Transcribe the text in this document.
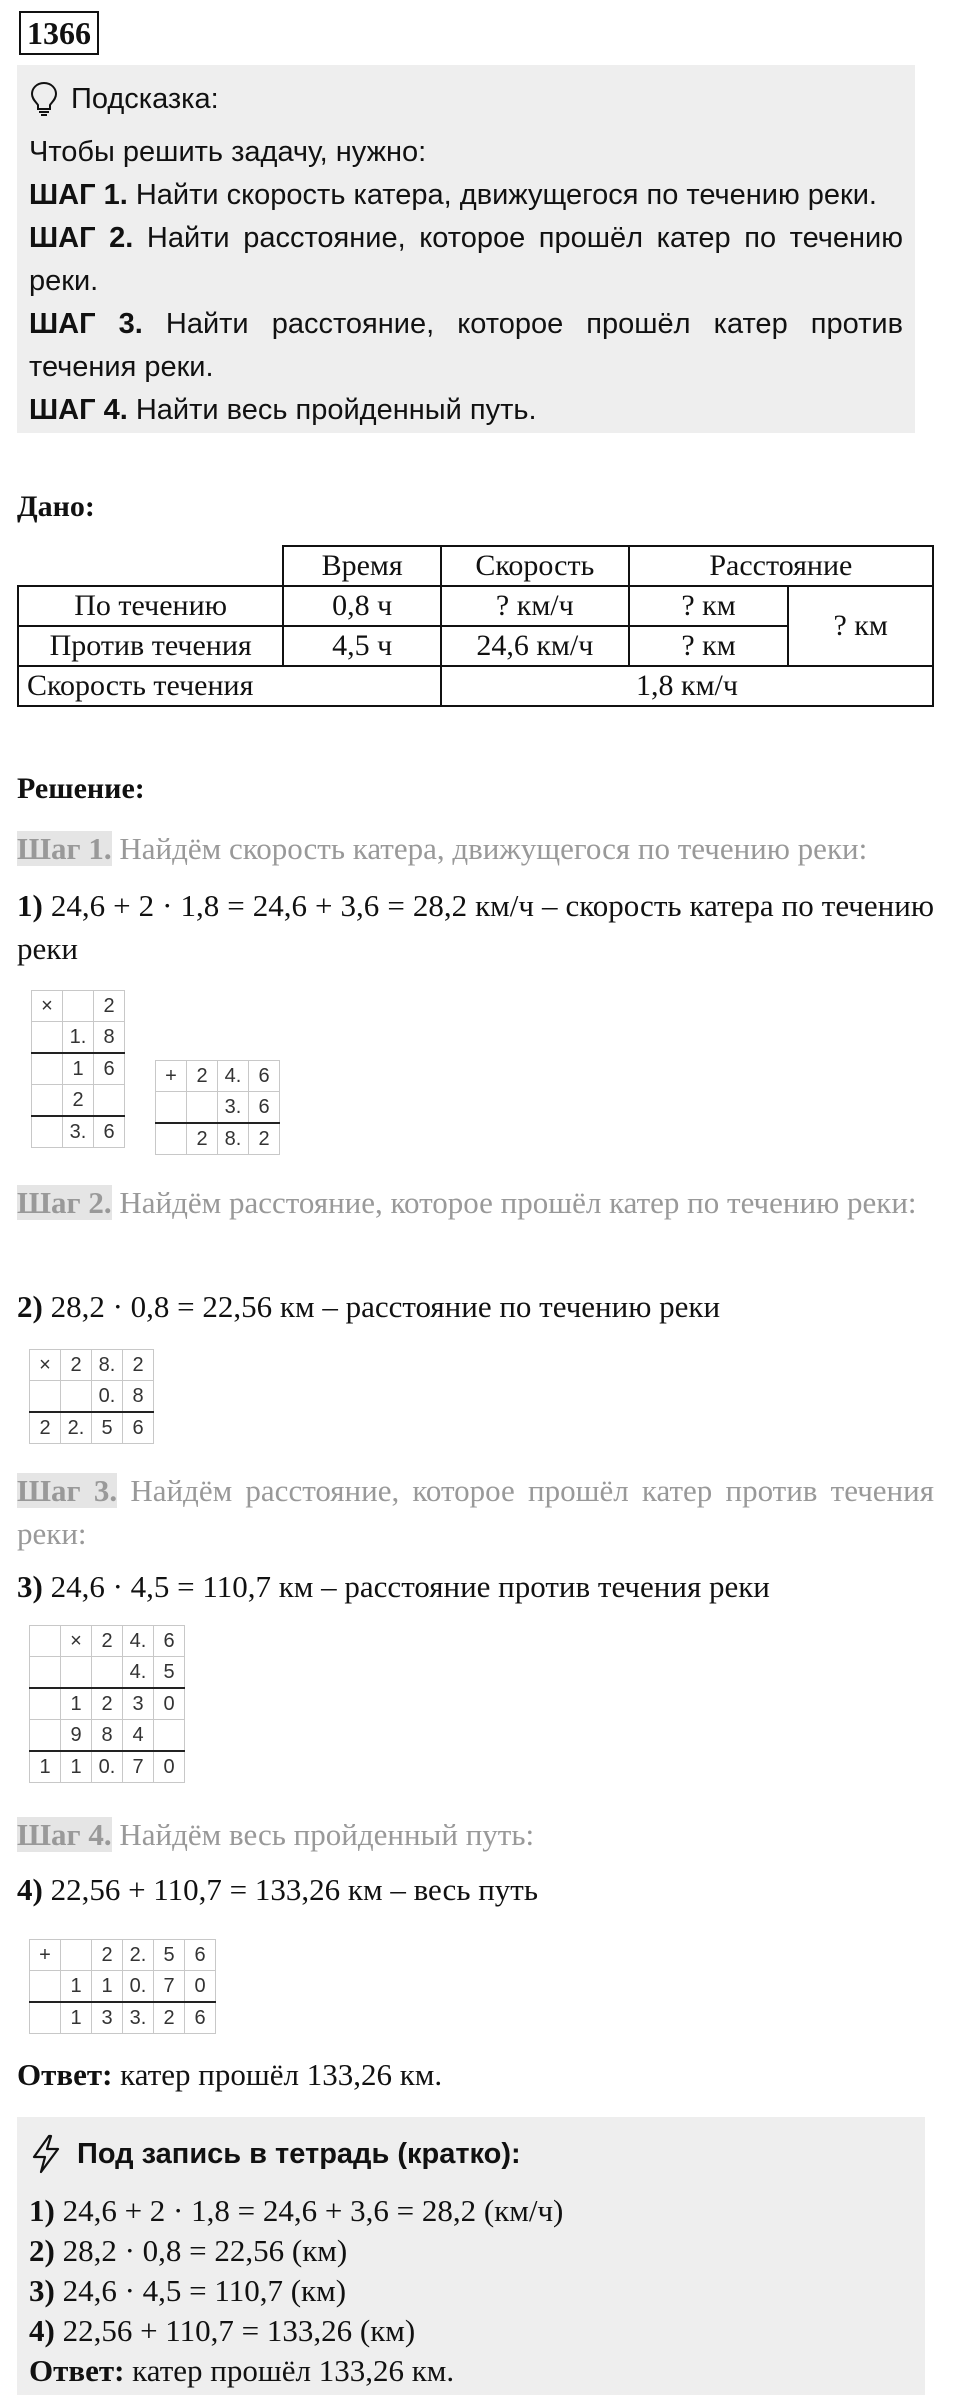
1366
Подсказка:

Чтобы решить задачу, нужно:

ШАГ 1. Найти скорость катера, движущегося по течению реки.

ШАГ 2. Найти расстояние, которое прошёл катер по течению реки.

ШАГ 3. Найти расстояние, которое прошёл катер против течения реки.

ШАГ 4. Найти весь пройденный путь.

Дано:
	Время	Скорость	Расстояние	
По течению	0,8 ч	? км/ч	? км	? км
Против течения	4,5 ч	24,6 км/ч	? км	
Скорость течения		1,8 км/ч		
Решение:
Шаг 1. Найдём скорость катера, движущегося по течению реки:
1) 24,6 + 2 · 1,8 = 24,6 + 3,6 = 28,2 км/ч – скорость катера по течению реки
×		2
	1.	8
	1	6
	2	
	3.	6
+	2	4.	6
		3.	6
	2	8.	2
Шаг 2. Найдём расстояние, которое прошёл катер по течению реки:
2) 28,2 · 0,8 = 22,56 км – расстояние по течению реки
×	2	8.	2
		0.	8
2	2.	5	6
Шаг 3. Найдём расстояние, которое прошёл катер против течения реки:
3) 24,6 · 4,5 = 110,7 км – расстояние против течения реки
	×	2	4.	6
			4.	5
	1	2	3	0
	9	8	4	
1	1	0.	7	0
Шаг 4. Найдём весь пройденный путь:
4) 22,56 + 110,7 = 133,26 км – весь путь
+		2	2.	5	6
	1	1	0.	7	0
	1	3	3.	2	6
Ответ: катер прошёл 133,26 км.
Под запись в тетрадь (кратко):
1) 24,6 + 2 · 1,8 = 24,6 + 3,6 = 28,2 (км/ч)
2) 28,2 · 0,8 = 22,56 (км)
3) 24,6 · 4,5 = 110,7 (км)
4) 22,56 + 110,7 = 133,26 (км)
Ответ: катер прошёл 133,26 км.
